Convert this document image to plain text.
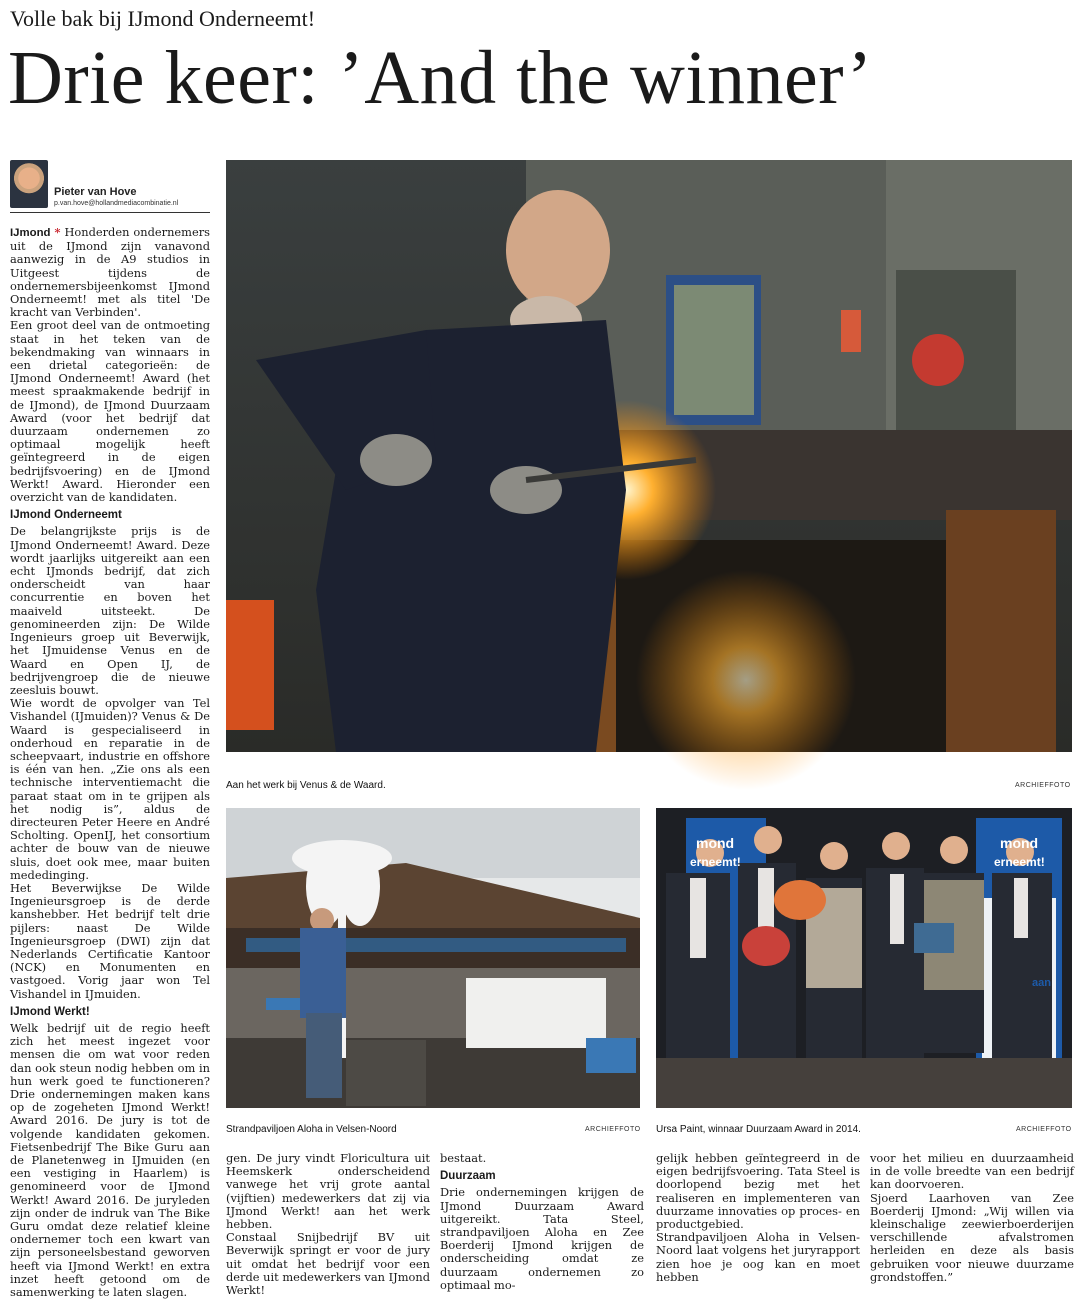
Volle bak bij IJmond Onderneemt!
Drie keer: ’And the winner’
Pieter van Hove
p.van.hove@hollandmediacombinatie.nl

IJmond * Honderden ondernemers uit de IJmond zijn vanavond aanwezig in de A9 studios in Uitgeest tijdens de ondernemersbijeenkomst IJmond Onderneemt! met als titel 'De kracht van Verbinden'.

Een groot deel van de ontmoeting staat in het teken van de bekendmaking van winnaars in een drietal categorieën: de IJmond Onderneemt! Award (het meest spraakmakende bedrijf in de IJmond), de IJmond Duurzaam Award (voor het bedrijf dat duurzaam ondernemen zo optimaal mogelijk heeft geïntegreerd in de eigen bedrijfsvoering) en de IJmond Werkt! Award. Hieronder een overzicht van de kandidaten.

IJmond Onderneemt

De belangrijkste prijs is de IJmond Onderneemt! Award. Deze wordt jaarlijks uitgereikt aan een echt IJmonds bedrijf, dat zich onderscheidt van haar concurrentie en boven het maaiveld uitsteekt. De genomineerden zijn: De Wilde Ingenieurs groep uit Beverwijk, het IJmuidense Venus en de Waard en Open IJ, de bedrijvengroep die de nieuwe zeesluis bouwt.

Wie wordt de opvolger van Tel Vishandel (IJmuiden)? Venus & De Waard is gespecialiseerd in onderhoud en reparatie in de scheepvaart, industrie en offshore is één van hen. „Zie ons als een technische interventiemacht die paraat staat om in te grijpen als het nodig is”, aldus de directeuren Peter Heere en André Scholting. OpenIJ, het consortium achter de bouw van de nieuwe sluis, doet ook mee, maar buiten mededinging.

Het Beverwijkse De Wilde Ingenieursgroep is de derde kanshebber. Het bedrijf telt drie pijlers: naast De Wilde Ingenieursgroep (DWI) zijn dat Nederlands Certificatie Kantoor (NCK) en Monumenten en vastgoed. Vorig jaar won Tel Vishandel in IJmuiden.

IJmond Werkt!

Welk bedrijf uit de regio heeft zich het meest ingezet voor mensen die om wat voor reden dan ook steun nodig hebben om in hun werk goed te functioneren? Drie ondernemingen maken kans op de zogeheten IJmond Werkt! Award 2016. De jury is tot de volgende kandidaten gekomen. Fietsenbedrijf The Bike Guru aan de Planetenweg in IJmuiden (en een vestiging in Haarlem) is genomineerd voor de IJmond Werkt! Award 2016. De juryleden zijn onder de indruk van The Bike Guru omdat deze relatief kleine ondernemer toch een kwart van zijn personeelsbestand geworven heeft via IJmond Werkt! en extra inzet heeft getoond om de samenwerking te laten slagen.

Aan het werk bij Venus & de Waard.	ARCHIEFFOTO
Strandpaviljoen Aloha in Velsen-Noord	ARCHIEFFOTO
mond
erneemt!
mond
erneemt!
aan
Ursa Paint, winnaar Duurzaam Award in 2014.	ARCHIEFFOTO

gen. De jury vindt Floricultura uit Heemskerk onderscheidend vanwege het vrij grote aantal (vijftien) medewerkers dat zij via IJmond Werkt! aan het werk hebben.

Constaal Snijbedrijf BV uit Beverwijk springt er voor de jury uit omdat het bedrijf voor een derde uit medewerkers van IJmond Werkt!

bestaat.

Duurzaam

Drie ondernemingen krijgen de IJmond Duurzaam Award uitgereikt. Tata Steel, strandpaviljoen Aloha en Zee Boerderij IJmond krijgen de onderscheiding omdat ze duurzaam ondernemen zo optimaal mo-

gelijk hebben geïntegreerd in de eigen bedrijfsvoering. Tata Steel is doorlopend bezig met het realiseren en implementeren van duurzame innovaties op proces- en productgebied.

Strandpaviljoen Aloha in Velsen-Noord laat volgens het juryrapport zien hoe je oog kan en moet hebben

voor het milieu en duurzaamheid in de volle breedte van een bedrijf kan doorvoeren.

Sjoerd Laarhoven van Zee Boerderij IJmond: „Wij willen via kleinschalige zeewierboerderijen verschillende afvalstromen herleiden en deze als basis gebruiken voor nieuwe duurzame grondstoffen.”
